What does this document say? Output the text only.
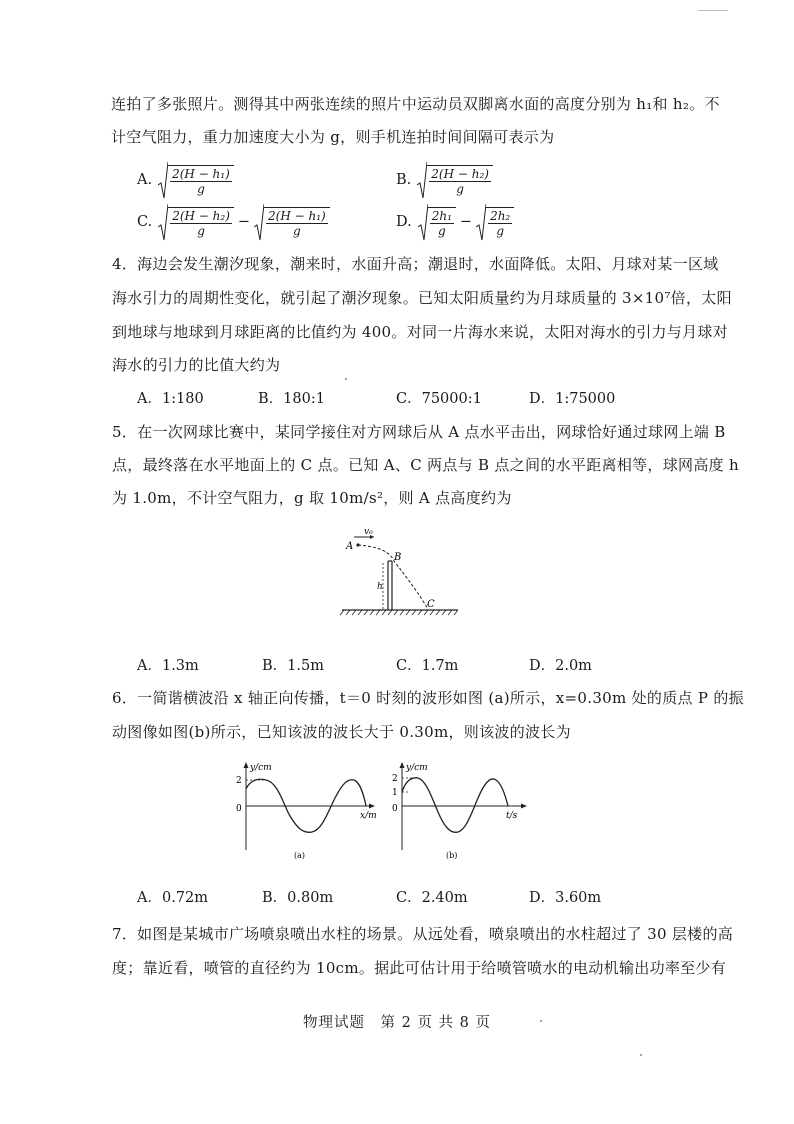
连拍了多张照片。测得其中两张连续的照片中运动员双脚离水面的高度分别为 h₁和 h₂。不
计空气阻力，重力加速度大小为 g，则手机连拍时间间隔可表示为
A. $\frac{\text{2(H − h₁)}}{g}$	B. $\frac{\text{2(H − h₂)}}{g}$
C. $\frac{\text{2(H − h₂)}}{g} - \frac{\text{2(H − h₁)}}{g}$	D. $\frac{\text{2h₁}}{g} - \frac{\text{2h₂}}{g}$
4．海边会发生潮汐现象，潮来时，水面升高；潮退时，水面降低。太阳、月球对某一区域
海水引力的周期性变化，就引起了潮汐现象。已知太阳质量约为月球质量的 3×10⁷倍，太阳
到地球与地球到月球距离的比值约为 400。对同一片海水来说，太阳对海水的引力与月球对
海水的引力的比值大约为
A．1:180	B．180:1	C．75000:1	D．1:75000
5．在一次网球比赛中，某同学接住对方网球后从 A 点水平击出，网球恰好通过球网上端 B
点，最终落在水平地面上的 C 点。已知 A、C 两点与 B 点之间的水平距离相等，球网高度 h
为 1.0m，不计空气阻力，g 取 10m/s²，则 A 点高度约为
v₀
A
B
C
h
A．1.3m	B．1.5m	C．1.7m	D．2.0m
6．一简谐横波沿 x 轴正向传播，t＝0 时刻的波形如图 (a)所示，x=0.30m 处的质点 P 的振
动图像如图(b)所示，已知该波的波长大于 0.30m，则该波的波长为
y/cm
2
0
x/m
(a)
y/cm
2
1
0
t/s
(b)
A．0.72m	B．0.80m	C．2.40m	D．3.60m
7．如图是某城市广场喷泉喷出水柱的场景。从远处看，喷泉喷出的水柱超过了 30 层楼的高
度；靠近看，喷管的直径约为 10cm。据此可估计用于给喷管喷水的电动机输出功率至少有
物理试题　第 2 页 共 8 页
